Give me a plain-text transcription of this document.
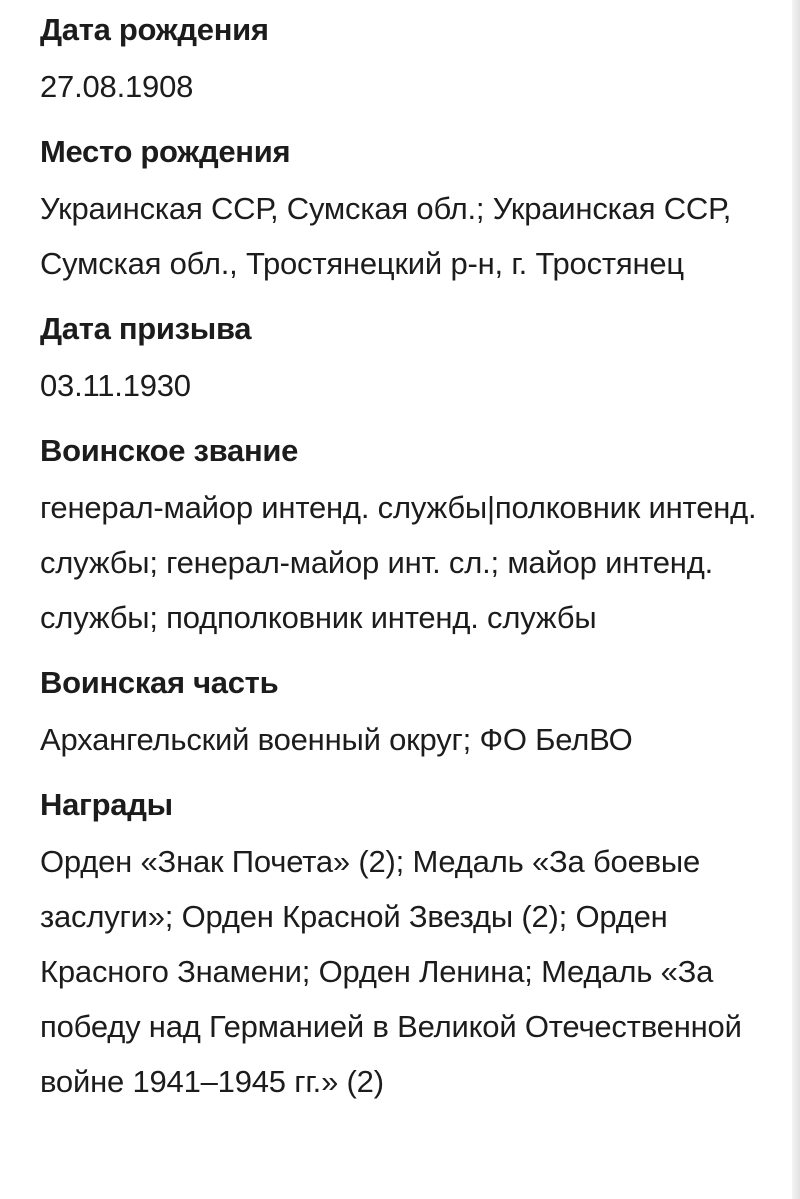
Дата рождения
27.08.1908
Место рождения
Украинская ССР, Сумская обл.; Украинская ССР, Сумская обл., Тростянецкий р-н, г. Тростянец
Дата призыва
03.11.1930
Воинское звание
генерал-майор интенд. службы|полковник интенд. службы; генерал-майор инт. сл.; майор интенд. службы; подполковник интенд. службы
Воинская часть
Архангельский военный округ; ФО БелВО
Награды
Орден «Знак Почета» (2); Медаль «За боевые заслуги»; Орден Красной Звезды (2); Орден Красного Знамени; Орден Ленина; Медаль «За победу над Германией в Великой Отечественной войне 1941–1945 гг.» (2)
